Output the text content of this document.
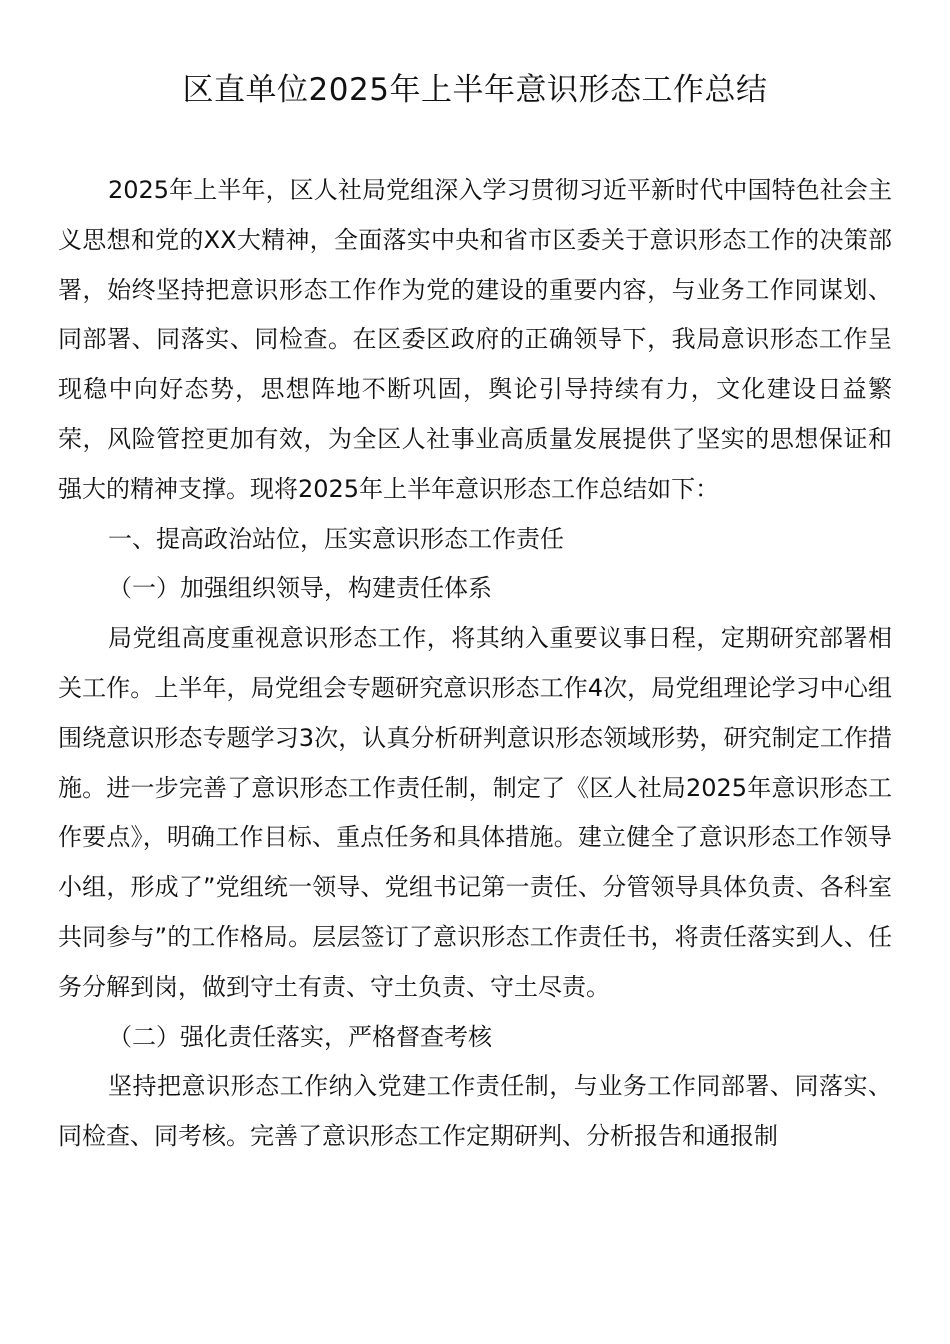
区直单位2025年上半年意识形态工作总结

2025年上半年，区人社局党组深入学习贯彻习近平新时代中国特色社会主义思想和党的XX大精神，全面落实中央和省市区委关于意识形态工作的决策部署，始终坚持把意识形态工作作为党的建设的重要内容，与业务工作同谋划、同部署、同落实、同检查。在区委区政府的正确领导下，我局意识形态工作呈现稳中向好态势，思想阵地不断巩固，舆论引导持续有力，文化建设日益繁荣，风险管控更加有效，为全区人社事业高质量发展提供了坚实的思想保证和强大的精神支撑。现将2025年上半年意识形态工作总结如下：

一、提高政治站位，压实意识形态工作责任

（一）加强组织领导，构建责任体系

局党组高度重视意识形态工作，将其纳入重要议事日程，定期研究部署相关工作。上半年，局党组会专题研究意识形态工作4次，局党组理论学习中心组围绕意识形态专题学习3次，认真分析研判意识形态领域形势，研究制定工作措施。进一步完善了意识形态工作责任制，制定了《区人社局2025年意识形态工作要点》，明确工作目标、重点任务和具体措施。建立健全了意识形态工作领导小组，形成了”党组统一领导、党组书记第一责任、分管领导具体负责、各科室共同参与”的工作格局。层层签订了意识形态工作责任书，将责任落实到人、任务分解到岗，做到守土有责、守土负责、守土尽责。

（二）强化责任落实，严格督查考核

坚持把意识形态工作纳入党建工作责任制，与业务工作同部署、同落实、同检查、同考核。完善了意识形态工作定期研判、分析报告和通报制
